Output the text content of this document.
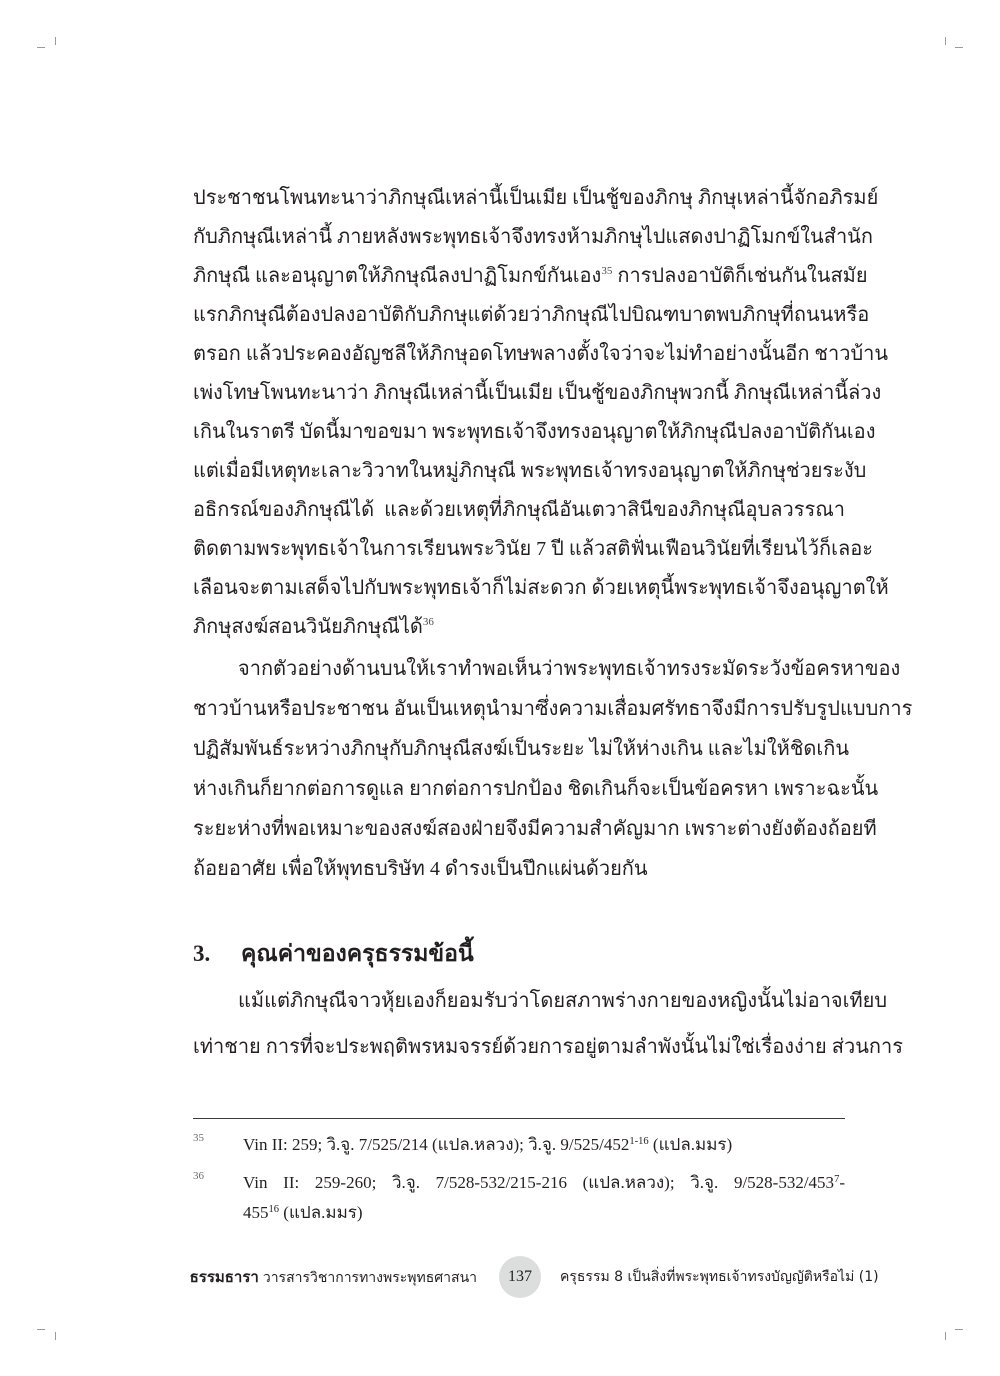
ประชาชนโพนทะนาว่าภิกษุณีเหล่านี้เป็นเมีย เป็นชู้ของภิกษุ ภิกษุเหล่านี้จักอภิรมย์
กับภิกษุณีเหล่านี้ ภายหลังพระพุทธเจ้าจึงทรงห้ามภิกษุไปแสดงปาฏิโมกข์ในสำนัก
ภิกษุณี และอนุญาตให้ภิกษุณีลงปาฏิโมกข์กันเอง$^{35}$ การปลงอาบัติก็เช่นกันในสมัย
แรกภิกษุณีต้องปลงอาบัติกับภิกษุแต่ด้วยว่าภิกษุณีไปบิณฑบาตพบภิกษุที่ถนนหรือ
ตรอก แล้วประคองอัญชลีให้ภิกษุอดโทษพลางตั้งใจว่าจะไม่ทำอย่างนั้นอีก ชาวบ้าน
เพ่งโทษโพนทะนาว่า ภิกษุณีเหล่านี้เป็นเมีย เป็นชู้ของภิกษุพวกนี้ ภิกษุณีเหล่านี้ล่วง
เกินในราตรี บัดนี้มาขอขมา พระพุทธเจ้าจึงทรงอนุญาตให้ภิกษุณีปลงอาบัติกันเอง
แต่เมื่อมีเหตุทะเลาะวิวาทในหมู่ภิกษุณี พระพุทธเจ้าทรงอนุญาตให้ภิกษุช่วยระงับ
อธิกรณ์ของภิกษุณีได้ และด้วยเหตุที่ภิกษุณีอันเตวาสินีของภิกษุณีอุบลวรรณา
ติดตามพระพุทธเจ้าในการเรียนพระวินัย 7 ปี แล้วสติฟั่นเฟือนวินัยที่เรียนไว้ก็เลอะ
เลือนจะตามเสด็จไปกับพระพุทธเจ้าก็ไม่สะดวก ด้วยเหตุนี้พระพุทธเจ้าจึงอนุญาตให้
ภิกษุสงฆ์สอนวินัยภิกษุณีได้$^{36}$
จากตัวอย่างด้านบนให้เราทำพอเห็นว่าพระพุทธเจ้าทรงระมัดระวังข้อครหาของ
ชาวบ้านหรือประชาชน อันเป็นเหตุนำมาซึ่งความเสื่อมศรัทธาจึงมีการปรับรูปแบบการ
ปฏิสัมพันธ์ระหว่างภิกษุกับภิกษุณีสงฆ์เป็นระยะ ไม่ให้ห่างเกิน และไม่ให้ชิดเกิน
ห่างเกินก็ยากต่อการดูแล ยากต่อการปกป้อง ชิดเกินก็จะเป็นข้อครหา เพราะฉะนั้น
ระยะห่างที่พอเหมาะของสงฆ์สองฝ่ายจึงมีความสำคัญมาก เพราะต่างยังต้องถ้อยที
ถ้อยอาศัย เพื่อให้พุทธบริษัท 4 ดำรงเป็นปึกแผ่นด้วยกัน
3. คุณค่าของครุธรรมข้อนี้
แม้แต่ภิกษุณีจาวหุ้ยเองก็ยอมรับว่าโดยสภาพร่างกายของหญิงนั้นไม่อาจเทียบ
เท่าชาย การที่จะประพฤติพรหมจรรย์ด้วยการอยู่ตามลำพังนั้นไม่ใช่เรื่องง่าย ส่วนการ
35 Vin II: 259; วิ.จู. 7/525/214 (แปล.หลวง); วิ.จู. 9/525/452$^{1-16}$ (แปล.มมร)
36 Vin II: 259-260; วิ.จู. 7/528-532/215-216 (แปล.หลวง); วิ.จู. $9/528-532/453^7-$
$455^{16}$ (แปล.มมร)
ธรรมธารา วารสารวิชาการทางพระพุทธศาสนา	137	ครุธรรม 8 เป็นสิ่งที่พระพุทธเจ้าทรงบัญญัติหรือไม่ (1)
